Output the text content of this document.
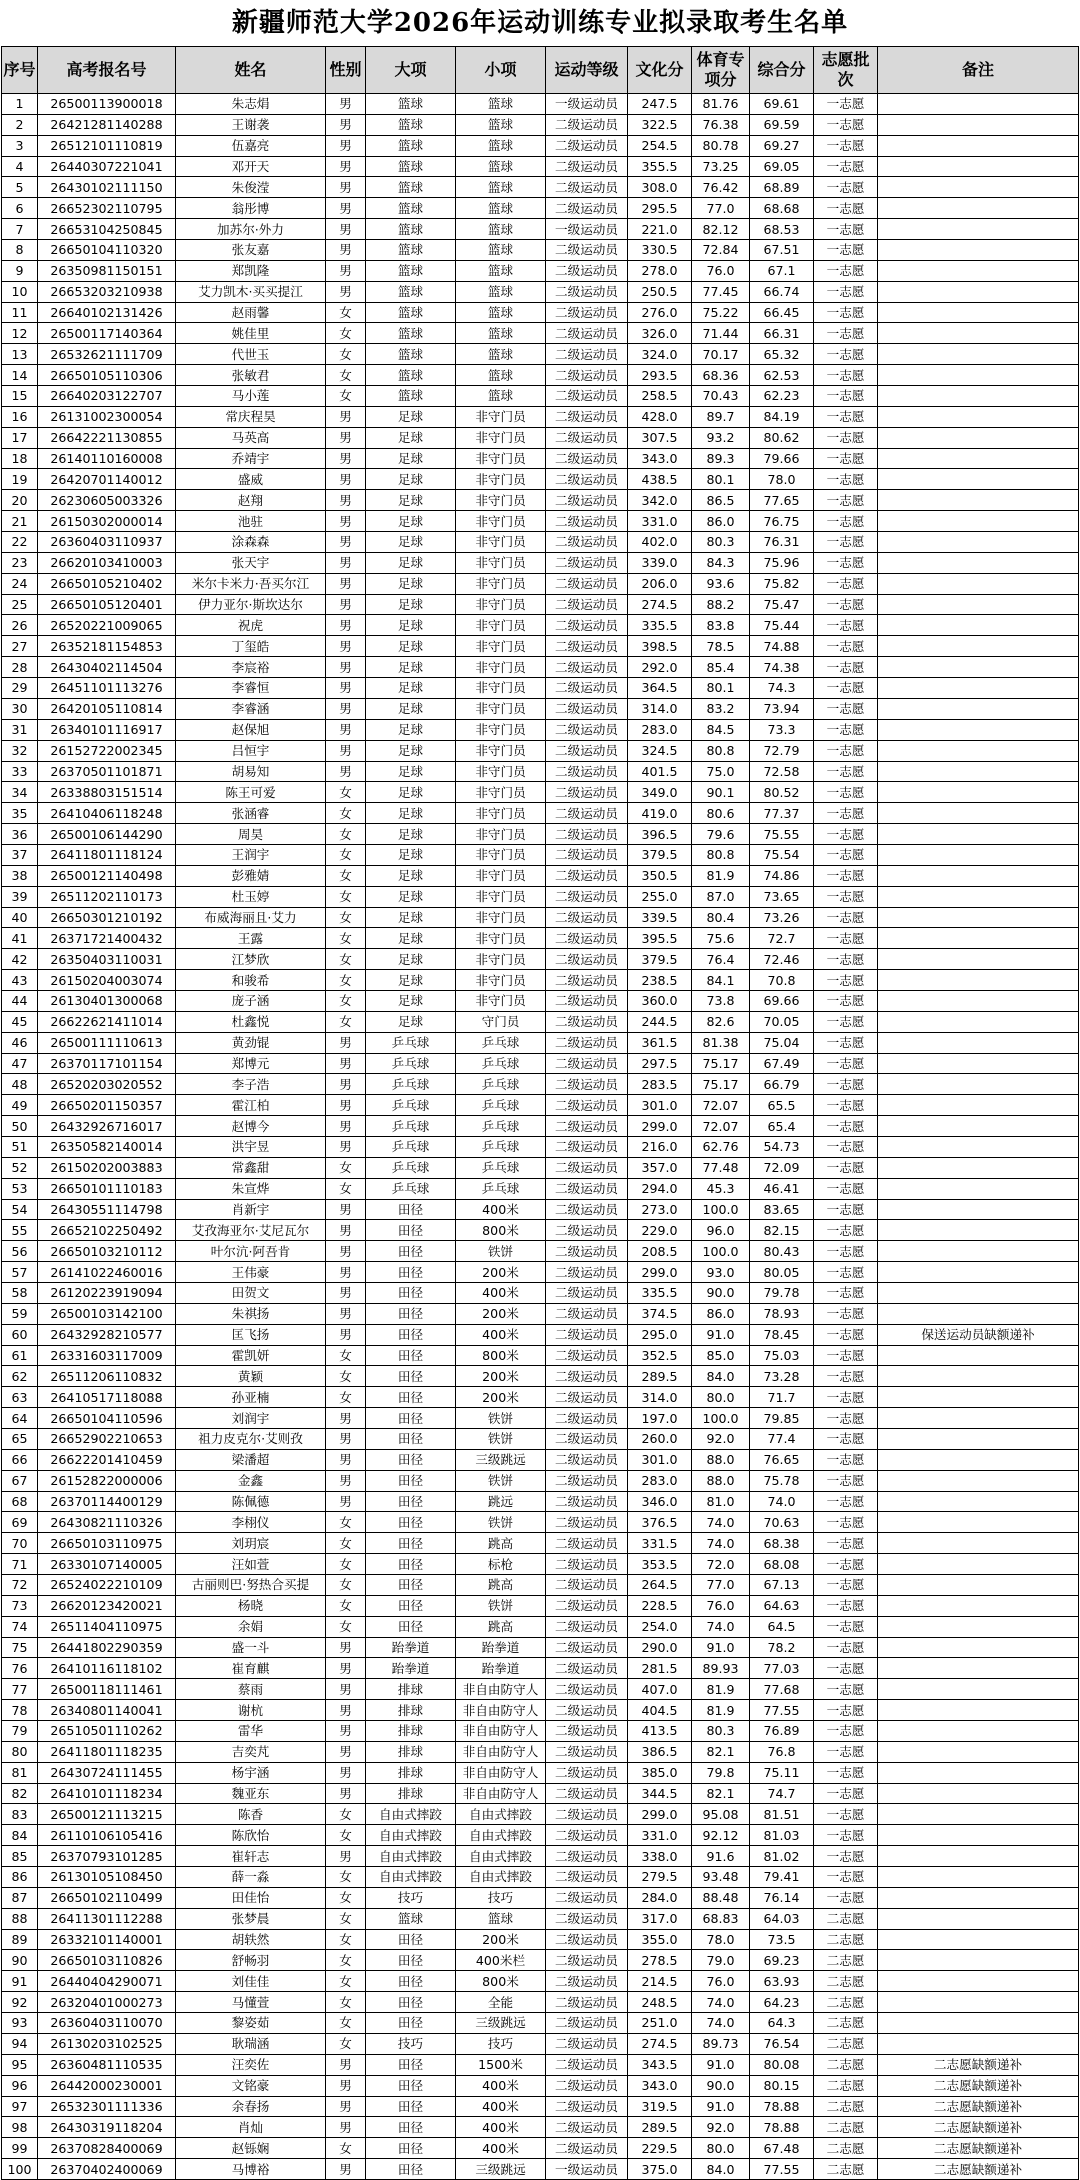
新疆师范大学2026年运动训练专业拟录取考生名单
序号	高考报名号	姓名	性别	大项	小项	运动等级	文化分	体育专项分	综合分	志愿批次	备注
1	26500113900018	朱志焆	男	篮球	篮球	一级运动员	247.5	81.76	69.61	一志愿	
2	26421281140288	王谢袭	男	篮球	篮球	二级运动员	322.5	76.38	69.59	一志愿	
3	26512101110819	伍嘉亮	男	篮球	篮球	二级运动员	254.5	80.78	69.27	一志愿	
4	26440307221041	邓开天	男	篮球	篮球	二级运动员	355.5	73.25	69.05	一志愿	
5	26430102111150	朱俊滢	男	篮球	篮球	二级运动员	308.0	76.42	68.89	一志愿	
6	26652302110795	翁彤博	男	篮球	篮球	二级运动员	295.5	77.0	68.68	一志愿	
7	26653104250845	加苏尔·外力	男	篮球	篮球	一级运动员	221.0	82.12	68.53	一志愿	
8	26650104110320	张友嘉	男	篮球	篮球	二级运动员	330.5	72.84	67.51	一志愿	
9	26350981150151	郑凯隆	男	篮球	篮球	二级运动员	278.0	76.0	67.1	一志愿	
10	26653203210938	艾力凯木·买买提江	男	篮球	篮球	二级运动员	250.5	77.45	66.74	一志愿	
11	26640102131426	赵雨馨	女	篮球	篮球	二级运动员	276.0	75.22	66.45	一志愿	
12	26500117140364	姚佳里	女	篮球	篮球	二级运动员	326.0	71.44	66.31	一志愿	
13	26532621111709	代世玉	女	篮球	篮球	二级运动员	324.0	70.17	65.32	一志愿	
14	26650105110306	张敏君	女	篮球	篮球	二级运动员	293.5	68.36	62.53	一志愿	
15	26640203122707	马小莲	女	篮球	篮球	二级运动员	258.5	70.43	62.23	一志愿	
16	26131002300054	常庆程昊	男	足球	非守门员	二级运动员	428.0	89.7	84.19	一志愿	
17	26642221130855	马英高	男	足球	非守门员	二级运动员	307.5	93.2	80.62	一志愿	
18	26140110160008	乔靖宇	男	足球	非守门员	二级运动员	343.0	89.3	79.66	一志愿	
19	26420701140012	盛威	男	足球	非守门员	二级运动员	438.5	80.1	78.0	一志愿	
20	26230605003326	赵翔	男	足球	非守门员	二级运动员	342.0	86.5	77.65	一志愿	
21	26150302000014	池驻	男	足球	非守门员	二级运动员	331.0	86.0	76.75	一志愿	
22	26360403110937	涂森森	男	足球	非守门员	二级运动员	402.0	80.3	76.31	一志愿	
23	26620103410003	张天宇	男	足球	非守门员	二级运动员	339.0	84.3	75.96	一志愿	
24	26650105210402	米尔卡米力·吾买尔江	男	足球	非守门员	二级运动员	206.0	93.6	75.82	一志愿	
25	26650105120401	伊力亚尔·斯坎达尔	男	足球	非守门员	二级运动员	274.5	88.2	75.47	一志愿	
26	26520221009065	祝虎	男	足球	非守门员	二级运动员	335.5	83.8	75.44	一志愿	
27	26352181154853	丁玺皓	男	足球	非守门员	二级运动员	398.5	78.5	74.88	一志愿	
28	26430402114504	李宸裕	男	足球	非守门员	二级运动员	292.0	85.4	74.38	一志愿	
29	26451101113276	李睿恒	男	足球	非守门员	二级运动员	364.5	80.1	74.3	一志愿	
30	26420105110814	李睿涵	男	足球	非守门员	二级运动员	314.0	83.2	73.94	一志愿	
31	26340101116917	赵保旭	男	足球	非守门员	二级运动员	283.0	84.5	73.3	一志愿	
32	26152722002345	吕恒宇	男	足球	非守门员	二级运动员	324.5	80.8	72.79	一志愿	
33	26370501101871	胡易知	男	足球	非守门员	二级运动员	401.5	75.0	72.58	一志愿	
34	26338803151514	陈王可爱	女	足球	非守门员	二级运动员	349.0	90.1	80.52	一志愿	
35	26410406118248	张涵睿	女	足球	非守门员	二级运动员	419.0	80.6	77.37	一志愿	
36	26500106144290	周昊	女	足球	非守门员	二级运动员	396.5	79.6	75.55	一志愿	
37	26411801118124	王润宇	女	足球	非守门员	二级运动员	379.5	80.8	75.54	一志愿	
38	26500121140498	彭雅婧	女	足球	非守门员	二级运动员	350.5	81.9	74.86	一志愿	
39	26511202110173	杜玉婷	女	足球	非守门员	二级运动员	255.0	87.0	73.65	一志愿	
40	26650301210192	布威海丽且·艾力	女	足球	非守门员	二级运动员	339.5	80.4	73.26	一志愿	
41	26371721400432	王露	女	足球	非守门员	二级运动员	395.5	75.6	72.7	一志愿	
42	26350403110031	江梦欣	女	足球	非守门员	二级运动员	379.5	76.4	72.46	一志愿	
43	26150204003074	和骏希	女	足球	非守门员	二级运动员	238.5	84.1	70.8	一志愿	
44	26130401300068	庞子涵	女	足球	非守门员	二级运动员	360.0	73.8	69.66	一志愿	
45	26622621411014	杜鑫悦	女	足球	守门员	二级运动员	244.5	82.6	70.05	一志愿	
46	26500111110613	黄劲锟	男	乒乓球	乒乓球	二级运动员	361.5	81.38	75.04	一志愿	
47	26370117101154	郑博元	男	乒乓球	乒乓球	二级运动员	297.5	75.17	67.49	一志愿	
48	26520203020552	李子浩	男	乒乓球	乒乓球	二级运动员	283.5	75.17	66.79	一志愿	
49	26650201150357	霍江柏	男	乒乓球	乒乓球	二级运动员	301.0	72.07	65.5	一志愿	
50	26432926716017	赵博今	男	乒乓球	乒乓球	二级运动员	299.0	72.07	65.4	一志愿	
51	26350582140014	洪宇昱	男	乒乓球	乒乓球	二级运动员	216.0	62.76	54.73	一志愿	
52	26150202003883	常鑫甜	女	乒乓球	乒乓球	二级运动员	357.0	77.48	72.09	一志愿	
53	26650101110183	朱宣烨	女	乒乓球	乒乓球	二级运动员	294.0	45.3	46.41	一志愿	
54	26430551114798	肖新宇	男	田径	400米	二级运动员	273.0	100.0	83.65	一志愿	
55	26652102250492	艾孜海亚尔·艾尼瓦尔	男	田径	800米	二级运动员	229.0	96.0	82.15	一志愿	
56	26650103210112	叶尔沆·阿吾肯	男	田径	铁饼	二级运动员	208.5	100.0	80.43	一志愿	
57	26141022460016	王伟豪	男	田径	200米	二级运动员	299.0	93.0	80.05	一志愿	
58	26120223919094	田贺文	男	田径	400米	二级运动员	335.5	90.0	79.78	一志愿	
59	26500103142100	朱祺扬	男	田径	200米	二级运动员	374.5	86.0	78.93	一志愿	
60	26432928210577	匡飞扬	男	田径	400米	二级运动员	295.0	91.0	78.45	一志愿	保送运动员缺额递补
61	26331603117009	霍凯妍	女	田径	800米	二级运动员	352.5	85.0	75.03	一志愿	
62	26511206110832	黄颖	女	田径	200米	二级运动员	289.5	84.0	73.28	一志愿	
63	26410517118088	孙亚楠	女	田径	200米	二级运动员	314.0	80.0	71.7	一志愿	
64	26650104110596	刘润宇	男	田径	铁饼	二级运动员	197.0	100.0	79.85	一志愿	
65	26652902210653	祖力皮克尔·艾则孜	男	田径	铁饼	二级运动员	260.0	92.0	77.4	一志愿	
66	26622201410459	梁潘超	男	田径	三级跳远	二级运动员	301.0	88.0	76.65	一志愿	
67	26152822000006	金鑫	男	田径	铁饼	二级运动员	283.0	88.0	75.78	一志愿	
68	26370114400129	陈佩德	男	田径	跳远	二级运动员	346.0	81.0	74.0	一志愿	
69	26430821110326	李栩仪	女	田径	铁饼	二级运动员	376.5	74.0	70.63	一志愿	
70	26650103110975	刘玥宸	女	田径	跳高	二级运动员	331.5	74.0	68.38	一志愿	
71	26330107140005	汪如萱	女	田径	标枪	二级运动员	353.5	72.0	68.08	一志愿	
72	26524022210109	古丽则巴·努热合买提	女	田径	跳高	二级运动员	264.5	77.0	67.13	一志愿	
73	26620123420021	杨晓	女	田径	铁饼	二级运动员	228.5	76.0	64.63	一志愿	
74	26511404110975	余娟	女	田径	跳高	二级运动员	254.0	74.0	64.5	一志愿	
75	26441802290359	盛一斗	男	跆拳道	跆拳道	二级运动员	290.0	91.0	78.2	一志愿	
76	26410116118102	崔育麒	男	跆拳道	跆拳道	二级运动员	281.5	89.93	77.03	一志愿	
77	26500118111461	蔡雨	男	排球	非自由防守人	二级运动员	407.0	81.9	77.68	一志愿	
78	26340801140041	谢杭	男	排球	非自由防守人	二级运动员	404.5	81.9	77.55	一志愿	
79	26510501110262	雷华	男	排球	非自由防守人	二级运动员	413.5	80.3	76.89	一志愿	
80	26411801118235	吉奕芃	男	排球	非自由防守人	二级运动员	386.5	82.1	76.8	一志愿	
81	26430724111455	杨宇涵	男	排球	非自由防守人	二级运动员	385.0	79.8	75.11	一志愿	
82	26410101118234	魏亚东	男	排球	非自由防守人	二级运动员	344.5	82.1	74.7	一志愿	
83	26500121113215	陈香	女	自由式摔跤	自由式摔跤	二级运动员	299.0	95.08	81.51	一志愿	
84	26110106105416	陈欣怡	女	自由式摔跤	自由式摔跤	二级运动员	331.0	92.12	81.03	一志愿	
85	26370793101285	崔轩志	男	自由式摔跤	自由式摔跤	二级运动员	338.0	91.6	81.02	一志愿	
86	26130105108450	薛一淼	女	自由式摔跤	自由式摔跤	二级运动员	279.5	93.48	79.41	一志愿	
87	26650102110499	田佳怡	女	技巧	技巧	二级运动员	284.0	88.48	76.14	一志愿	
88	26411301112288	张梦晨	女	篮球	篮球	二级运动员	317.0	68.83	64.03	二志愿	
89	26332101140001	胡轶然	女	田径	200米	二级运动员	355.0	78.0	73.5	二志愿	
90	26650103110826	舒畅羽	女	田径	400米栏	二级运动员	278.5	79.0	69.23	二志愿	
91	26440404290071	刘佳佳	女	田径	800米	二级运动员	214.5	76.0	63.93	二志愿	
92	26320401000273	马懂萱	女	田径	全能	二级运动员	248.5	74.0	64.23	二志愿	
93	26360403110070	黎姿茹	女	田径	三级跳远	二级运动员	251.0	74.0	64.3	二志愿	
94	26130203102525	耿瑞涵	女	技巧	技巧	二级运动员	274.5	89.73	76.54	二志愿	
95	26360481110535	汪奕佐	男	田径	1500米	二级运动员	343.5	91.0	80.08	二志愿	二志愿缺额递补
96	26442000230001	文铭豪	男	田径	400米	二级运动员	343.0	90.0	80.15	二志愿	二志愿缺额递补
97	26532301111336	余春扬	男	田径	400米	二级运动员	319.5	91.0	78.88	二志愿	二志愿缺额递补
98	26430319118204	肖灿	男	田径	400米	二级运动员	289.5	92.0	78.88	二志愿	二志愿缺额递补
99	26370828400069	赵铄娴	女	田径	400米	二级运动员	229.5	80.0	67.48	二志愿	二志愿缺额递补
100	26370402400069	马博裕	男	田径	三级跳远	一级运动员	375.0	84.0	77.55	二志愿	二志愿缺额递补
